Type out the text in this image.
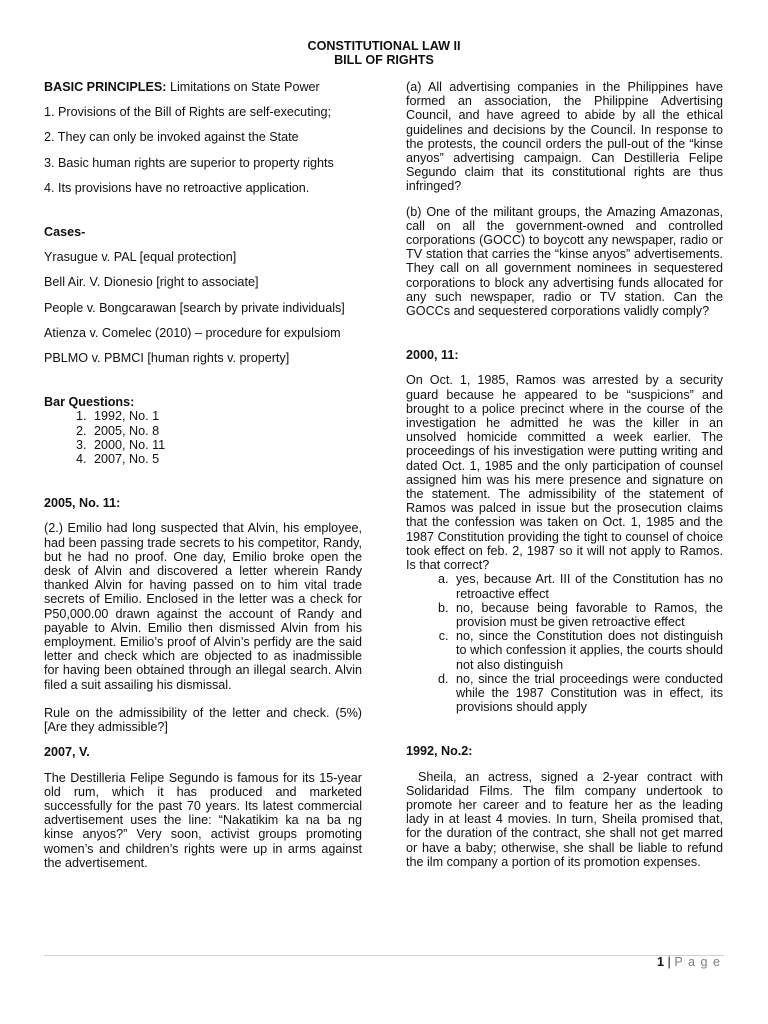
CONSTITUTIONAL LAW II
BILL OF RIGHTS

BASIC PRINCIPLES: Limitations on State Power

1. Provisions of the Bill of Rights are self-executing;

2. They can only be invoked against the State

3. Basic human rights are superior to property rights

4. Its provisions have no retroactive application.

Cases-

Yrasugue v. PAL [equal protection]

Bell Air. V. Dionesio [right to associate]

People v. Bongcarawan [search by private individuals]

Atienza v. Comelec (2010) – procedure for expulsiom

PBLMO v. PBMCI [human rights v. property]

Bar Questions:

1. 1992, No. 1
2. 2005, No. 8
3. 2000, No. 11
4. 2007, No. 5

2005, No. 11:

(2.) Emilio had long suspected that Alvin, his employee, had been passing trade secrets to his competitor, Randy, but he had no proof. One day, Emilio broke open the desk of Alvin and discovered a letter wherein Randy thanked Alvin for having passed on to him vital trade secrets of Emilio. Enclosed in the letter was a check for P50,000.00 drawn against the account of Randy and payable to Alvin. Emilio then dismissed Alvin from his employment. Emilio’s proof of Alvin’s perfidy are the said letter and check which are objected to as inadmissible for having been obtained through an illegal search. Alvin filed a suit assailing his dismissal.

Rule on the admissibility of the letter and check. (5%) [Are they admissible?]

2007, V.

The Destilleria Felipe Segundo is famous for its 15-year old rum, which it has produced and marketed successfully for the past 70 years. Its latest commercial advertisement uses the line: “Nakatikim ka na ba ng kinse anyos?” Very soon, activist groups promoting women’s and children’s rights were up in arms against the advertisement.

(a) All advertising companies in the Philippines have formed an association, the Philippine Advertising Council, and have agreed to abide by all the ethical guidelines and decisions by the Council. In response to the protests, the council orders the pull-out of the “kinse anyos” advertising campaign. Can Destilleria Felipe Segundo claim that its constitutional rights are thus infringed?

(b) One of the militant groups, the Amazing Amazonas, call on all the government-owned and controlled corporations (GOCC) to boycott any newspaper, radio or TV station that carries the “kinse anyos” advertisements. They call on all government nominees in sequestered corporations to block any advertising funds allocated for any such newspaper, radio or TV station. Can the GOCCs and sequestered corporations validly comply?

2000, 11:

On Oct. 1, 1985, Ramos was arrested by a security guard because he appeared to be “suspicions” and brought to a police precinct where in the course of the investigation he admitted he was the killer in an unsolved homicide committed a week earlier. The proceedings of his investigation were putting writing and dated Oct. 1, 1985 and the only participation of counsel assigned him was his mere presence and signature on the statement. The admissibility of the statement of Ramos was palced in issue but the prosecution claims that the confession was taken on Oct. 1, 1985 and the 1987 Constitution providing the tight to counsel of choice took effect on feb. 2, 1987 so it will not apply to Ramos. Is that correct?

a. yes, because Art. III of the Constitution has no retroactive effect
b. no, because being favorable to Ramos, the provision must be given retroactive effect
c. no, since the Constitution does not distinguish to which confession it applies, the courts should not also distinguish
d. no, since the trial proceedings were conducted while the 1987 Constitution was in effect, its provisions should apply

1992, No.2:

Sheila, an actress, signed a 2-year contract with Solidaridad Films. The film company undertook to promote her career and to feature her as the leading lady in at least 4 movies. In turn, Sheila promised that, for the duration of the contract, she shall not get marred or have a baby; otherwise, she shall be liable to refund the ilm company a portion of its promotion expenses.

1 | P a g e
